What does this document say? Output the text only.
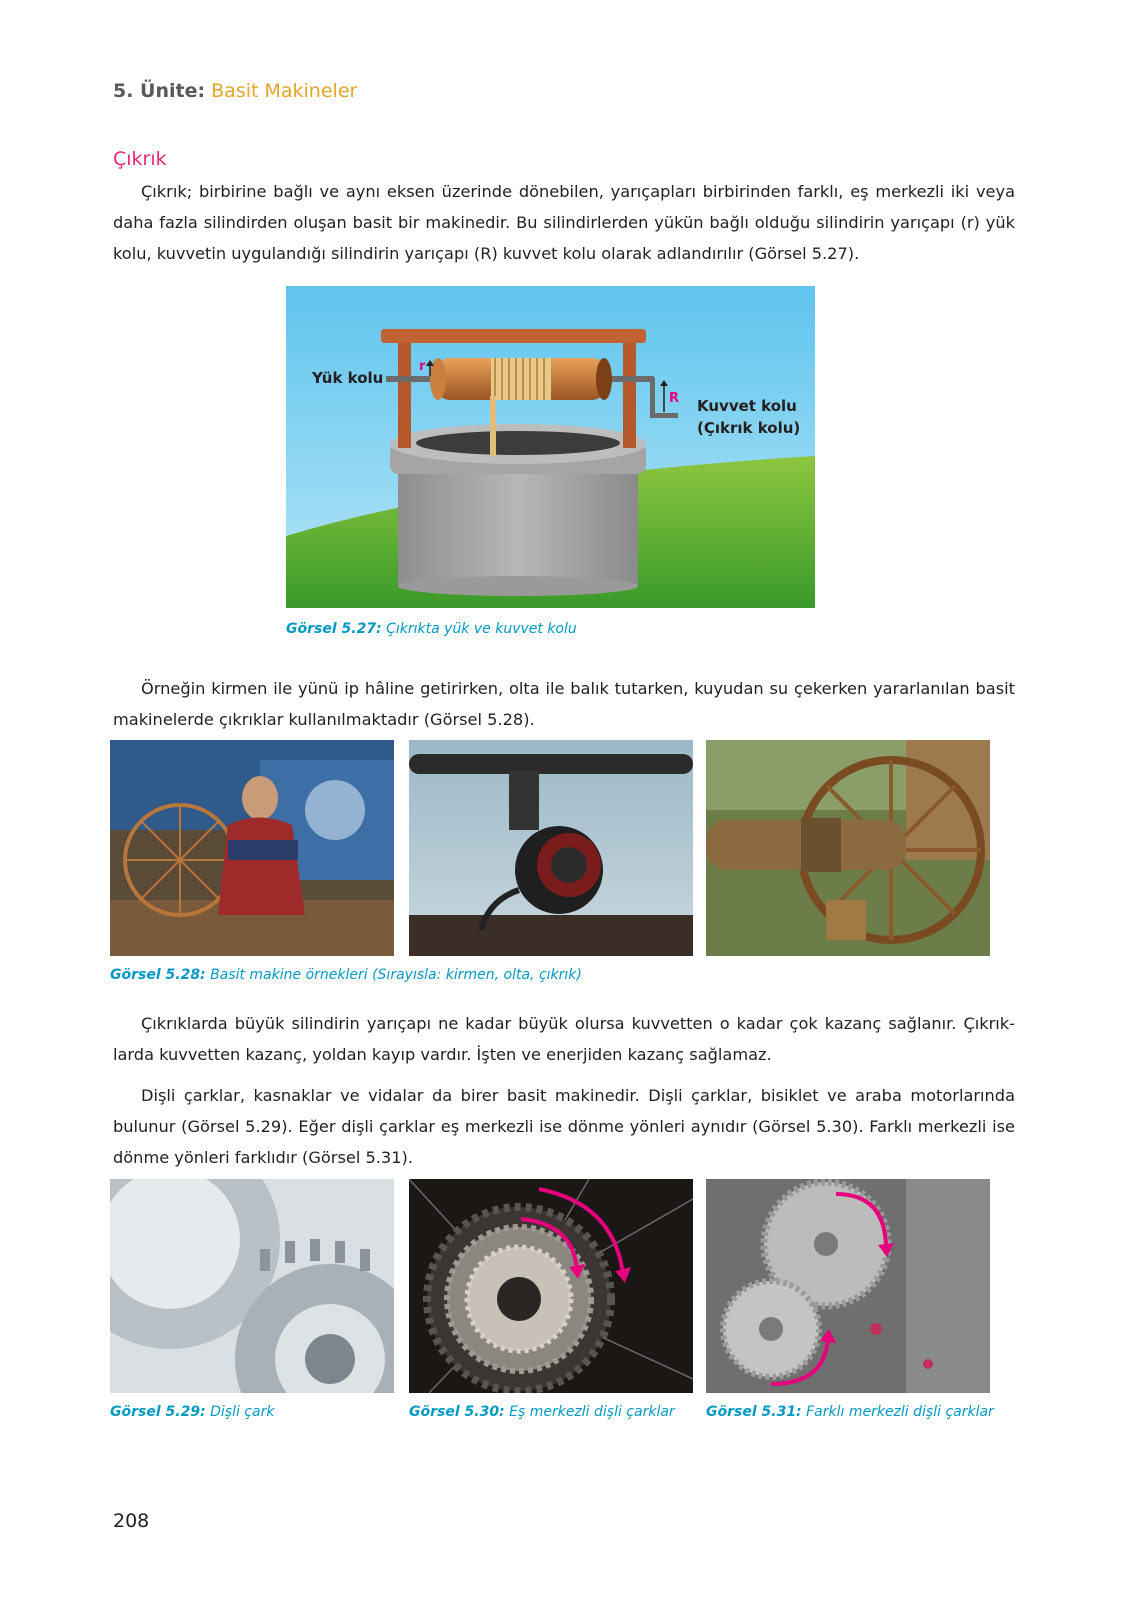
5. Ünite: Basit Makineler
Çıkrık

Çıkrık; birbirine bağlı ve aynı eksen üzerinde dönebilen, yarıçapları birbirinden farklı, eş merkezli iki veya daha fazla silindirden oluşan basit bir makinedir. Bu silindirlerden yükün bağlı olduğu silindirin yarıçapı (r) yük kolu, kuvvetin uygulandığı silindirin yarıçapı (R) kuvvet kolu olarak adlandırılır (Görsel 5.27).

r
R
Yük kolu
Kuvvet kolu
(Çıkrık kolu)
Görsel 5.27: Çıkrıkta yük ve kuvvet kolu

Örneğin kirmen ile yünü ip hâline getirirken, olta ile balık tutarken, kuyudan su çekerken yararlanılan basit makinelerde çıkrıklar kullanılmaktadır (Görsel 5.28).

Görsel 5.28: Basit makine örnekleri (Sırayısla: kirmen, olta, çıkrık)

Çıkrıklarda büyük silindirin yarıçapı ne kadar büyük olursa kuvvetten o kadar çok kazanç sağlanır. Çıkrık-larda kuvvetten kazanç, yoldan kayıp vardır. İşten ve enerjiden kazanç sağlamaz.

Dişli çarklar, kasnaklar ve vidalar da birer basit makinedir. Dişli çarklar, bisiklet ve araba motorlarında bulunur (Görsel 5.29). Eğer dişli çarklar eş merkezli ise dönme yönleri aynıdır (Görsel 5.30). Farklı merkezli ise dönme yönleri farklıdır (Görsel 5.31).

Görsel 5.29: Dişli çark	Görsel 5.30: Eş merkezli dişli çarklar Görsel 5.31: Farklı merkezli dişli çarklar
208
